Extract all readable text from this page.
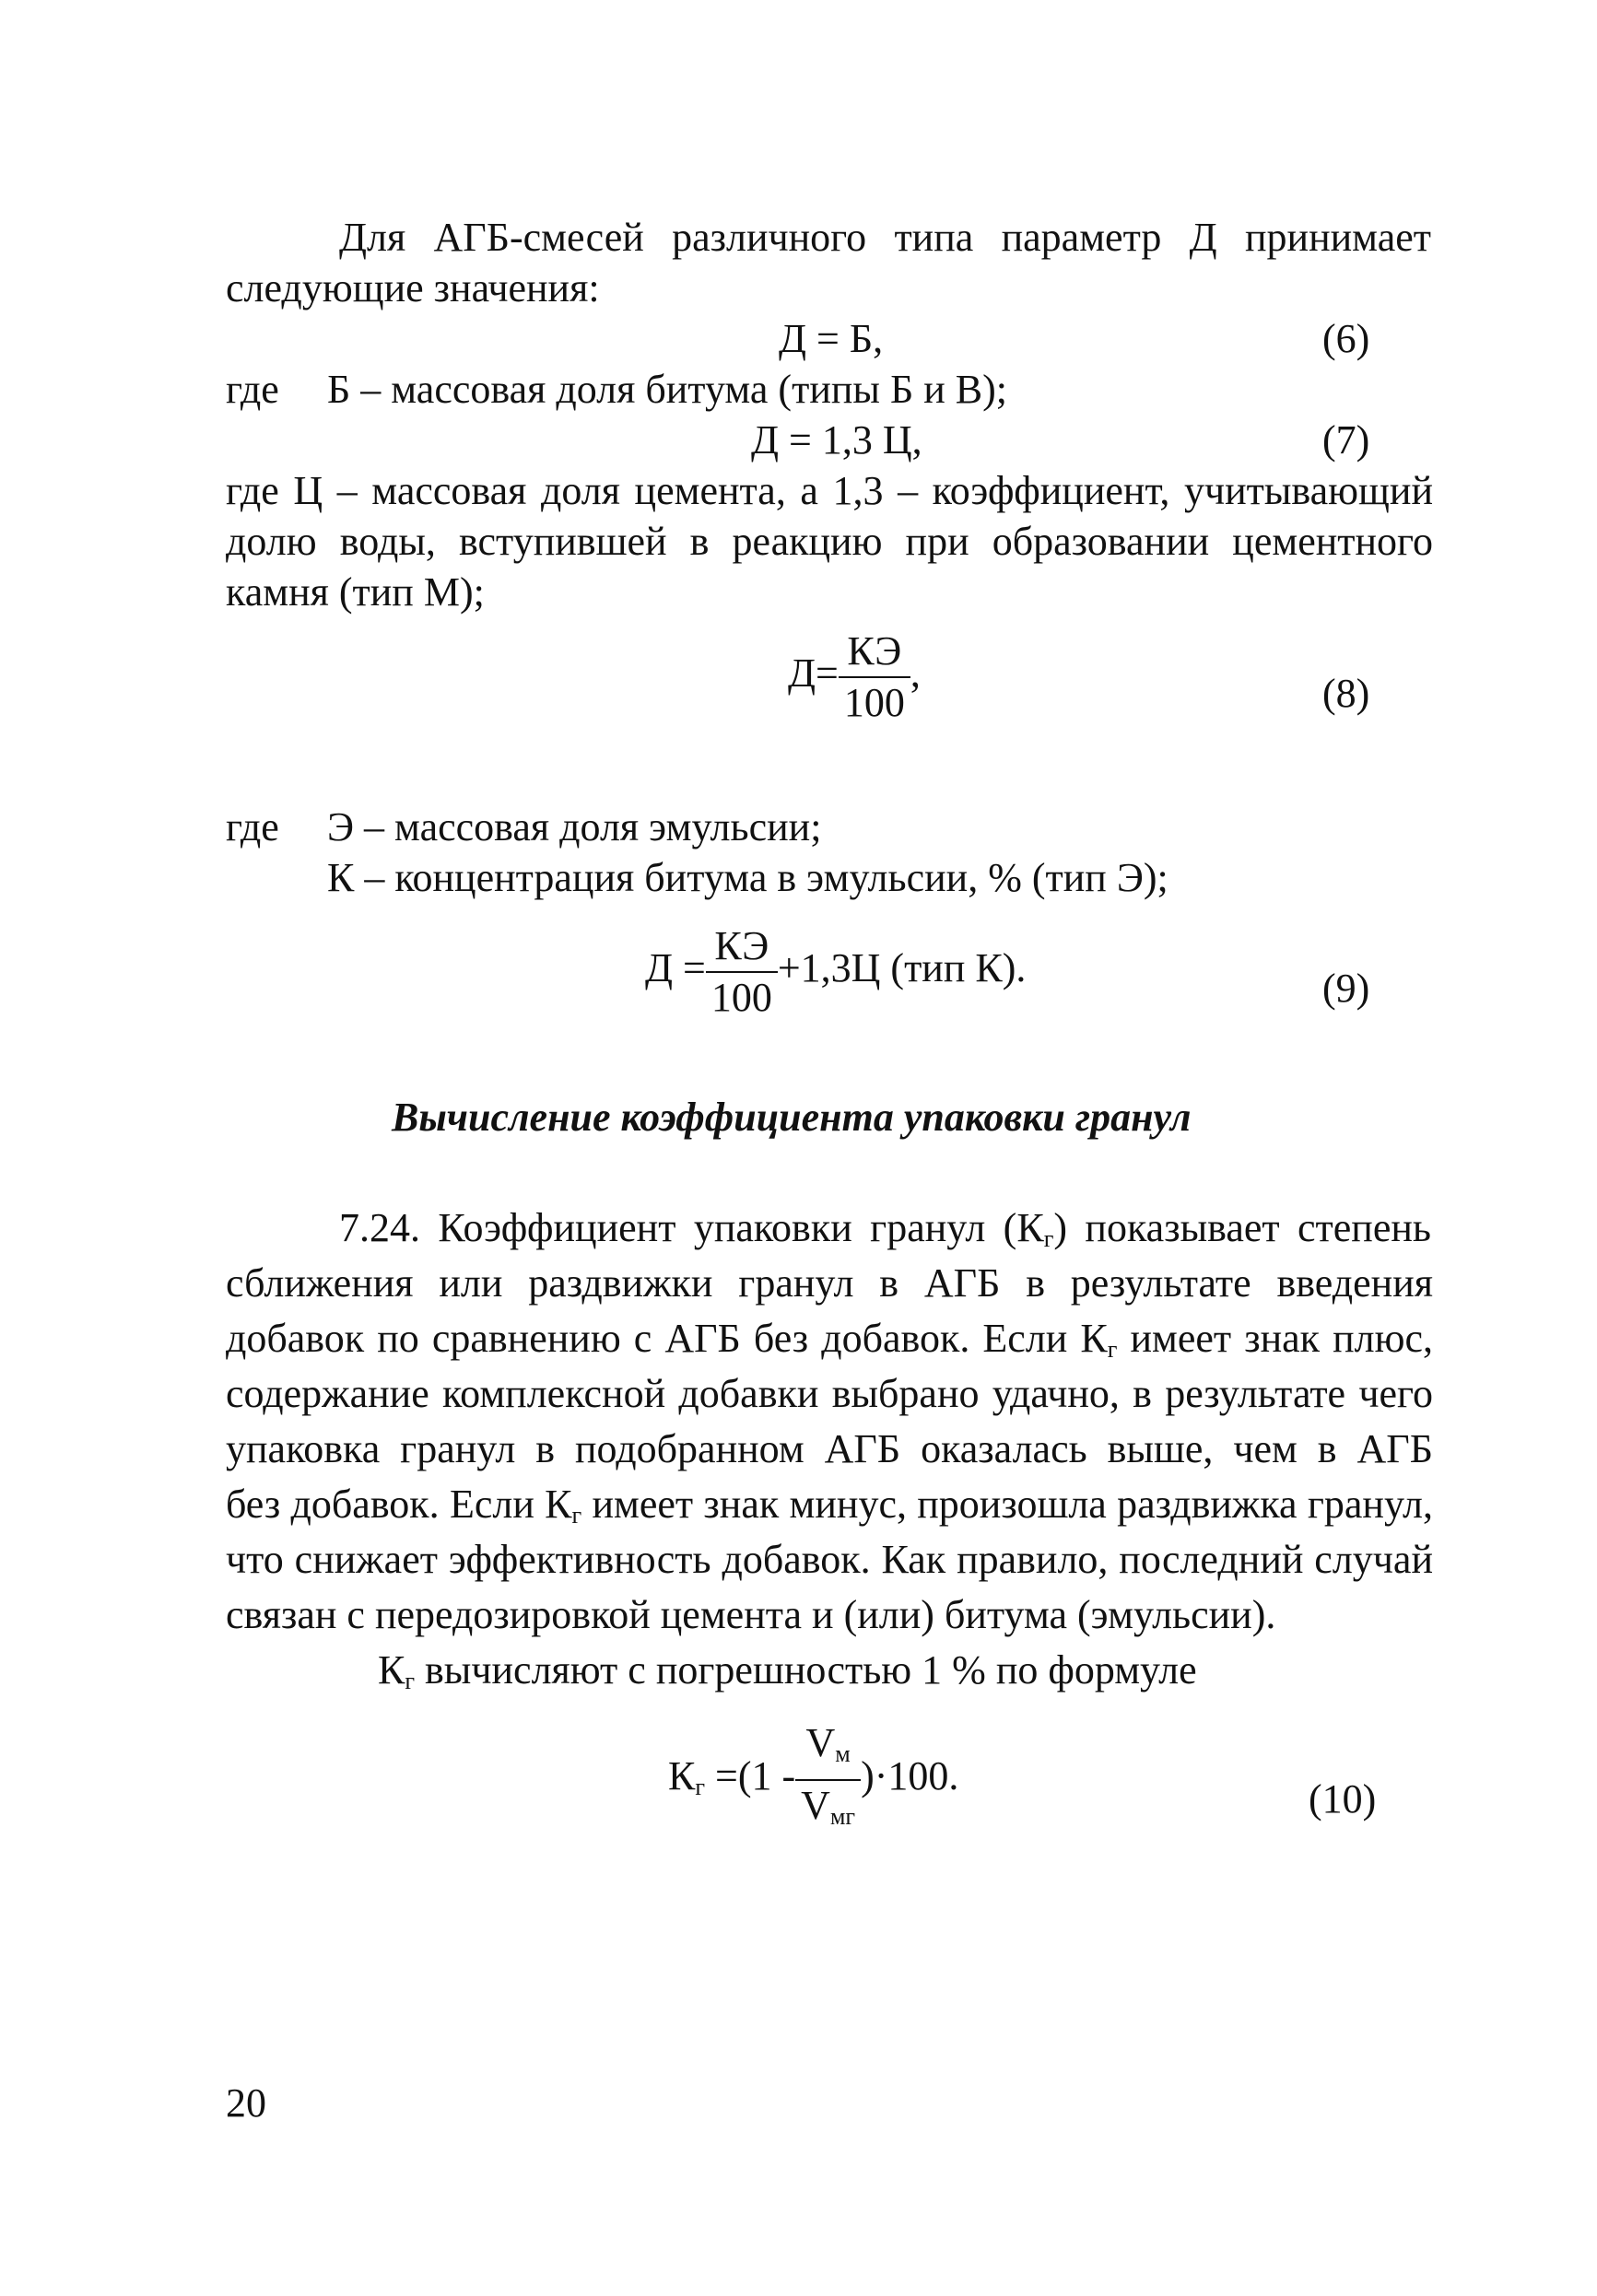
Для АГБ-смесей различного типа параметр Д принимает
следующие значения:
Д = Б,	(6)
где Б – массовая доля битума (типы Б и В);
Д = 1,3 Ц,	(7)
где Ц – массовая доля цемента, а 1,3 – коэффициент, учитывающий
долю воды, вступившей в реакцию при образовании цементного
камня (тип М);
$Д= \frac{КЭ}{100}$ ,	(8)
где Э – массовая доля эмульсии;
К – концентрация битума в эмульсии, % (тип Э);
$Д = \frac{КЭ}{100} +1,3Ц$ (тип К).	(9)
Вычисление коэффициента упаковки гранул
7.24. Коэффициент упаковки гранул $(К_г)$ показывает степень
сближения или раздвижки гранул в АГБ в результате введения
добавок по сравнению с АГБ без добавок. Если $К_г$ имеет знак плюс,
содержание комплексной добавки выбрано удачно, в результате чего
упаковка гранул в подобранном АГБ оказалась выше, чем в АГБ
без добавок. Если $К_г$ имеет знак минус, произошла раздвижка гранул,
что снижает эффективность добавок. Как правило, последний случай
связан с передозировкой цемента и (или) битума (эмульсии).
$К_г$ вычисляют с погрешностью 1 % по формуле
$К_г =(1 - \frac{V_м}{V_{мг}} )\cdot 100$.
(10)
20
